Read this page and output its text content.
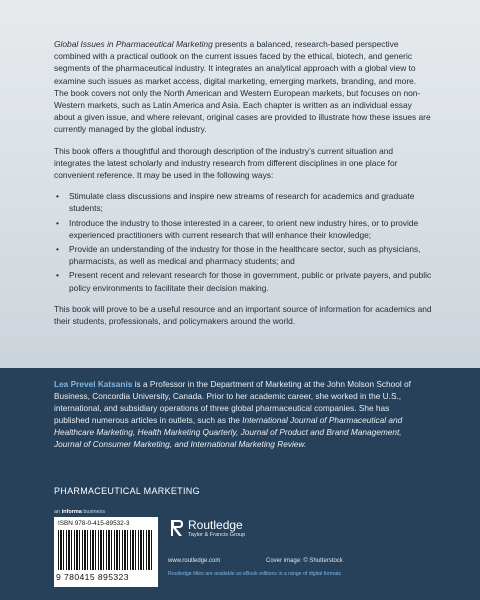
Global Issues in Pharmaceutical Marketing presents a balanced, research-based perspective combined with a practical outlook on the current issues faced by the ethical, biotech, and generic segments of the pharmaceutical industry. It integrates an analytical approach with a global view to examine such issues as market access, digital marketing, emerging markets, branding, and more. The book covers not only the North American and Western European markets, but focuses on non-Western markets, such as Latin America and Asia. Each chapter is written as an individual essay about a given issue, and where relevant, original cases are provided to illustrate how these issues are currently managed by the global industry.

This book offers a thoughtful and thorough description of the industry’s current situation and integrates the latest scholarly and industry research from different disciplines in one place for convenient reference. It may be used in the following ways:

• Stimulate class discussions and inspire new streams of research for academics and graduate students;
• Introduce the industry to those interested in a career, to orient new industry hires, or to provide experienced practitioners with current research that will enhance their knowledge;
• Provide an understanding of the industry for those in the healthcare sector, such as physicians, pharmacists, as well as medical and pharmacy students; and
• Present recent and relevant research for those in government, public or private payers, and public policy environments to facilitate their decision making.

This book will prove to be a useful resource and an important source of information for academics and their students, professionals, and policymakers around the world.

Lea Prevel Katsanis is a Professor in the Department of Marketing at the John Molson School of Business, Concordia University, Canada. Prior to her academic career, she worked in the U.S., international, and subsidiary operations of three global pharmaceutical companies. She has published numerous articles in outlets, such as the International Journal of Pharmaceutical and Healthcare Marketing, Health Marketing Quarterly, Journal of Product and Brand Management, Journal of Consumer Marketing, and International Marketing Review.

PHARMACEUTICAL MARKETING

an informa business
ISBN 978-0-415-89532-3
9 780415 895323
Routledge
Taylor & Francis Group
www.routledge.com	Cover image: © Shutterstock
Routledge titles are available as eBook editions in a range of digital formats
